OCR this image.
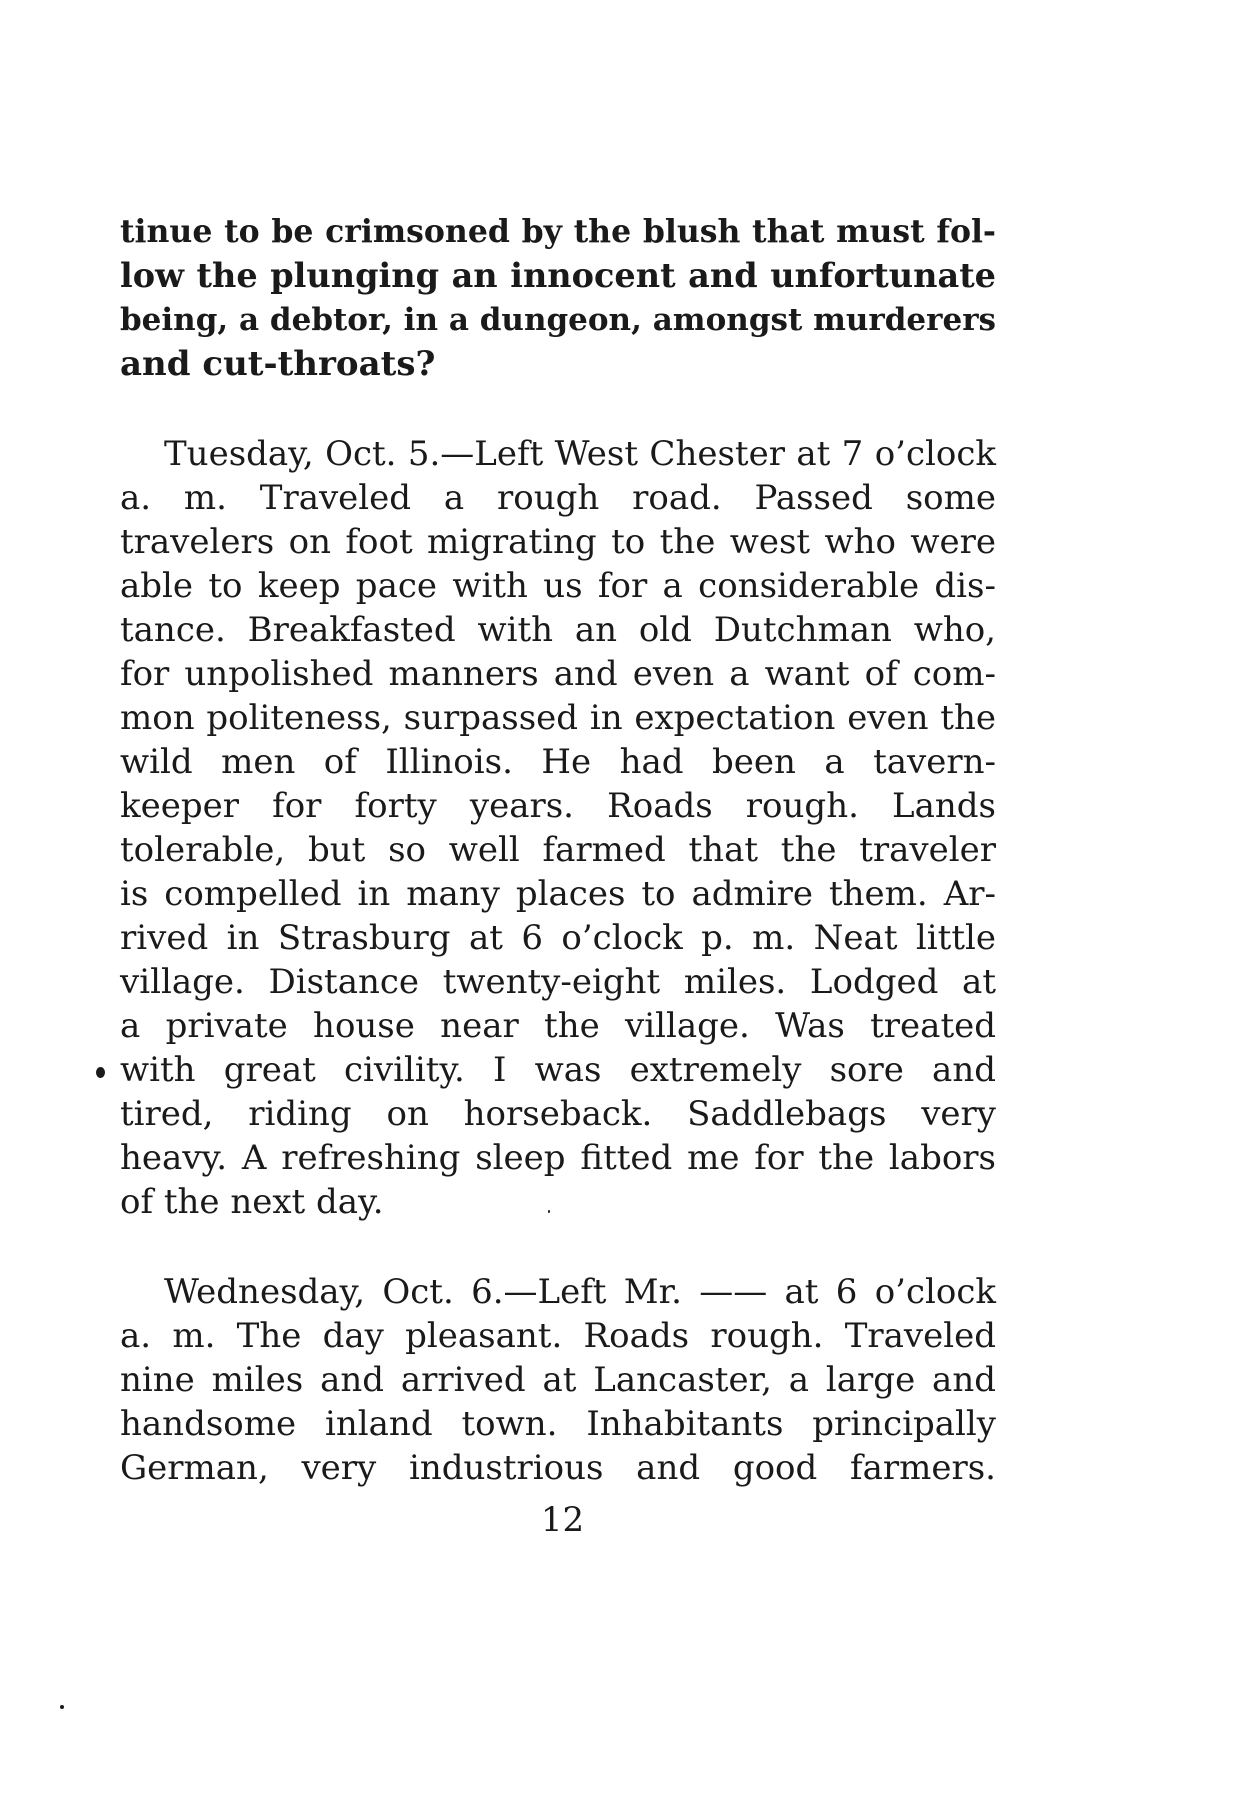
tinue to be crimsoned by the blush that must fol-
low the plunging an innocent and unfortunate
being, a debtor, in a dungeon, amongst murderers
and cut-throats?
Tuesday, Oct. 5.—Left West Chester at 7 o’clock
a. m. Traveled a rough road. Passed some
travelers on foot migrating to the west who were
able to keep pace with us for a considerable dis-
tance. Breakfasted with an old Dutchman who,
for unpolished manners and even a want of com-
mon politeness, surpassed in expectation even the
wild men of Illinois. He had been a tavern-
keeper for forty years. Roads rough. Lands
tolerable, but so well farmed that the traveler
is compelled in many places to admire them. Ar-
rived in Strasburg at 6 o’clock p. m. Neat little
village. Distance twenty-eight miles. Lodged at
a private house near the village. Was treated
with great civility. I was extremely sore and
tired, riding on horseback. Saddlebags very
heavy. A refreshing sleep fitted me for the labors
of the next day.
Wednesday, Oct. 6.—Left Mr. —— at 6 o’clock
a. m. The day pleasant. Roads rough. Traveled
nine miles and arrived at Lancaster, a large and
handsome inland town. Inhabitants principally
German, very industrious and good farmers.
12
